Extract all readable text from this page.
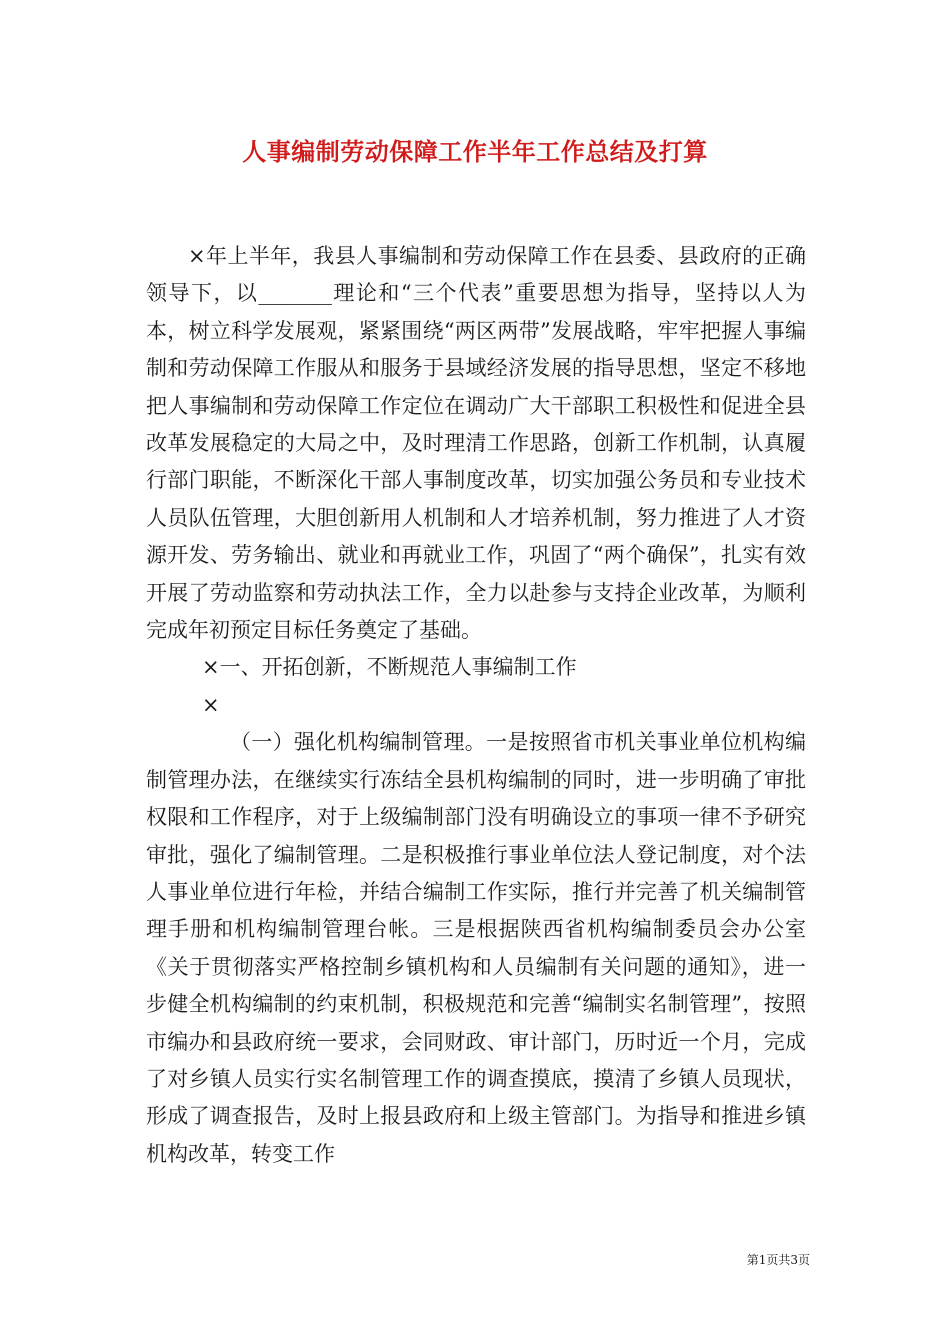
人事编制劳动保障工作半年工作总结及打算

×年上半年，我县人事编制和劳动保障工作在县委、县政府的正确领导下，以_______理论和“三个代表”重要思想为指导，坚持以人为本，树立科学发展观，紧紧围绕“两区两带”发展战略，牢牢把握人事编制和劳动保障工作服从和服务于县域经济发展的指导思想，坚定不移地把人事编制和劳动保障工作定位在调动广大干部职工积极性和促进全县改革发展稳定的大局之中，及时理清工作思路，创新工作机制，认真履行部门职能，不断深化干部人事制度改革，切实加强公务员和专业技术人员队伍管理，大胆创新用人机制和人才培养机制，努力推进了人才资源开发、劳务输出、就业和再就业工作，巩固了“两个确保”，扎实有效开展了劳动监察和劳动执法工作，全力以赴参与支持企业改革，为顺利完成年初预定目标任务奠定了基础。

×一、开拓创新，不断规范人事编制工作

×

（一）强化机构编制管理。一是按照省市机关事业单位机构编制管理办法，在继续实行冻结全县机构编制的同时，进一步明确了审批权限和工作程序，对于上级编制部门没有明确设立的事项一律不予研究审批，强化了编制管理。二是积极推行事业单位法人登记制度，对个法人事业单位进行年检，并结合编制工作实际，推行并完善了机关编制管理手册和机构编制管理台帐。三是根据陕西省机构编制委员会办公室《关于贯彻落实严格控制乡镇机构和人员编制有关问题的通知》，进一步健全机构编制的约束机制，积极规范和完善“编制实名制管理”，按照市编办和县政府统一要求，会同财政、审计部门，历时近一个月，完成了对乡镇人员实行实名制管理工作的调查摸底，摸清了乡镇人员现状，形成了调查报告，及时上报县政府和上级主管部门。为指导和推进乡镇机构改革，转变工作

第1页共3页
